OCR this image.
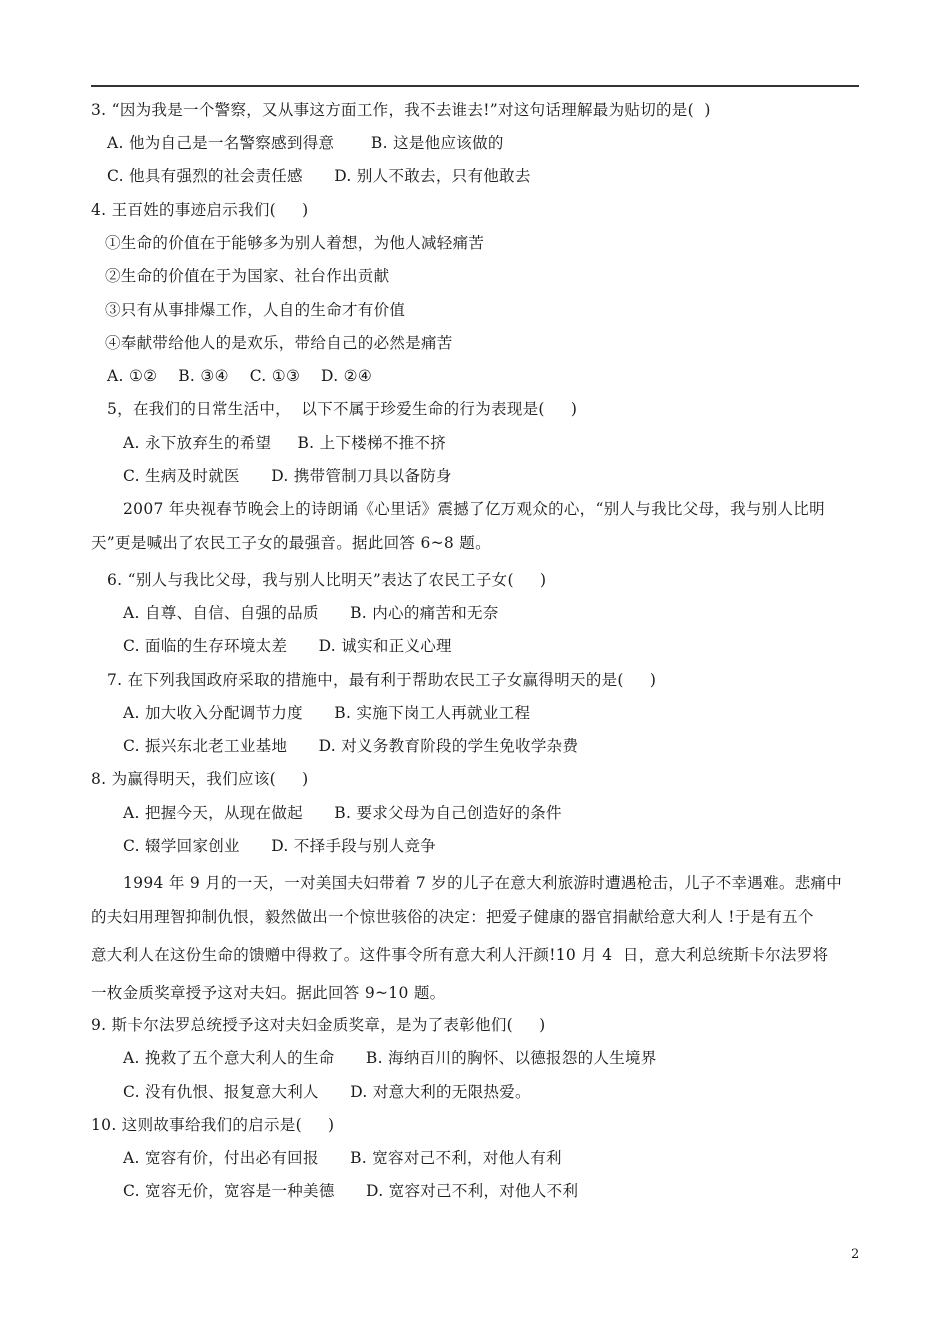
3. “因为我是一个警察，又从事这方面工作，我不去谁去!”对这句话理解最为贴切的是(  )
A. 他为自己是一名警察感到得意       B. 这是他应该做的
C. 他具有强烈的社会责任感      D. 别人不敢去，只有他敢去
4. 王百姓的事迹启示我们(     )
①生命的价值在于能够多为别人着想，为他人减轻痛苦
②生命的价值在于为国家、社台作出贡献
③只有从事排爆工作，人自的生命才有价值
④奉献带给他人的是欢乐，带给自己的必然是痛苦
A. ①②    B. ③④    C. ①③    D. ②④
5，在我们的日常生活中，  以下不属于珍爱生命的行为表现是(     )
A. 永下放弃生的希望     B. 上下楼梯不推不挤
C. 生病及时就医      D. 携带管制刀具以备防身
2007 年央视春节晚会上的诗朗诵《心里话》震撼了亿万观众的心，“别人与我比父母，我与别人比明
天”更是喊出了农民工子女的最强音。据此回答 6~8 题。
6. “别人与我比父母，我与别人比明天”表达了农民工子女(     )
A. 自尊、自信、自强的品质      B. 内心的痛苦和无奈
C. 面临的生存环境太差      D. 诚实和正义心理
7. 在下列我国政府采取的措施中，最有利于帮助农民工子女赢得明天的是(     )
A. 加大收入分配调节力度      B. 实施下岗工人再就业工程
C. 振兴东北老工业基地      D. 对义务教育阶段的学生免收学杂费
8. 为赢得明天，我们应该(     )
A. 把握今天，从现在做起      B. 要求父母为自己创造好的条件
C. 辍学回家创业      D. 不择手段与别人竞争
1994 年 9 月的一天，一对美国夫妇带着 7 岁的儿子在意大利旅游时遭遇枪击，儿子不幸遇难。悲痛中
的夫妇用理智抑制仇恨，毅然做出一个惊世骇俗的决定：把爱子健康的器官捐献给意大利人 !于是有五个
意大利人在这份生命的馈赠中得救了。这件事令所有意大利人汗颜!10 月 4  日，意大利总统斯卡尔法罗将
一枚金质奖章授予这对夫妇。据此回答 9~10 题。
9. 斯卡尔法罗总统授予这对夫妇金质奖章，是为了表彰他们(     )
A. 挽救了五个意大利人的生命      B. 海纳百川的胸怀、以德报怨的人生境界
C. 没有仇恨、报复意大利人      D. 对意大利的无限热爱。
10. 这则故事给我们的启示是(     )
A. 宽容有价，付出必有回报      B. 宽容对己不利，对他人有利
C. 宽容无价，宽容是一种美德      D. 宽容对己不利，对他人不利
2
